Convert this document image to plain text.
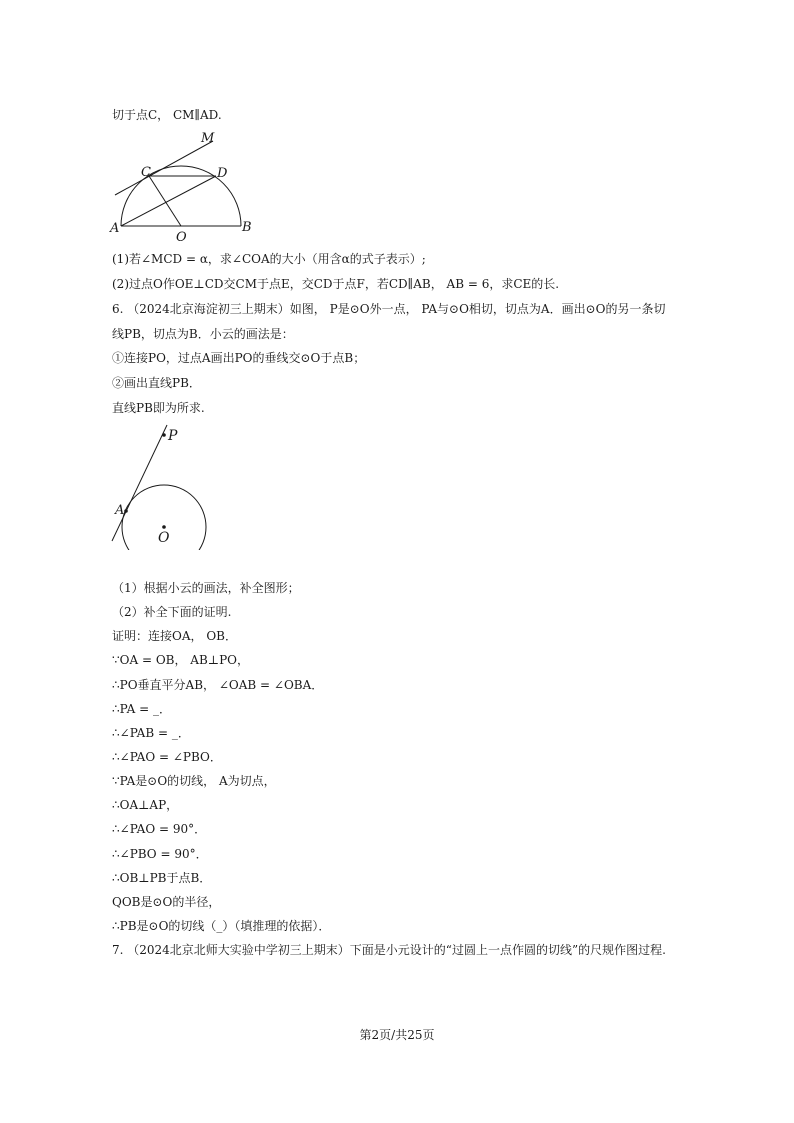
切于点C， CM∥AD.
M
C	D
A
O
B
(1)若∠MCD = α，求∠COA的大小（用含α的式子表示）;
(2)过点O作OE⊥CD交CM于点E，交CD于点F，若CD∥AB， AB = 6，求CE的长.
6. （2024北京海淀初三上期末）如图， P是⊙O外一点， PA与⊙O相切，切点为A．画出⊙O的另一条切
线PB，切点为B．小云的画法是：
①连接PO，过点A画出PO的垂线交⊙O于点B；
②画出直线PB．
直线PB即为所求.
P
A
O
（1）根据小云的画法，补全图形；
（2）补全下面的证明.
证明：连接OA， OB．
∵OA = OB， AB⊥PO，
∴PO垂直平分AB， ∠OAB = ∠OBA．
∴PA = _．
∴∠PAB = _．
∴∠PAO = ∠PBO．
∵PA是⊙O的切线， A为切点，
∴OA⊥AP，
∴∠PAO = 90°．
∴∠PBO = 90°．
∴OB⊥PB于点B．
QOB是⊙O的半径，
∴PB是⊙O的切线（_）（填推理的依据）．
7. （2024北京北师大实验中学初三上期末）下面是小元设计的“过圆上一点作圆的切线”的尺规作图过程.
第2页/共25页
